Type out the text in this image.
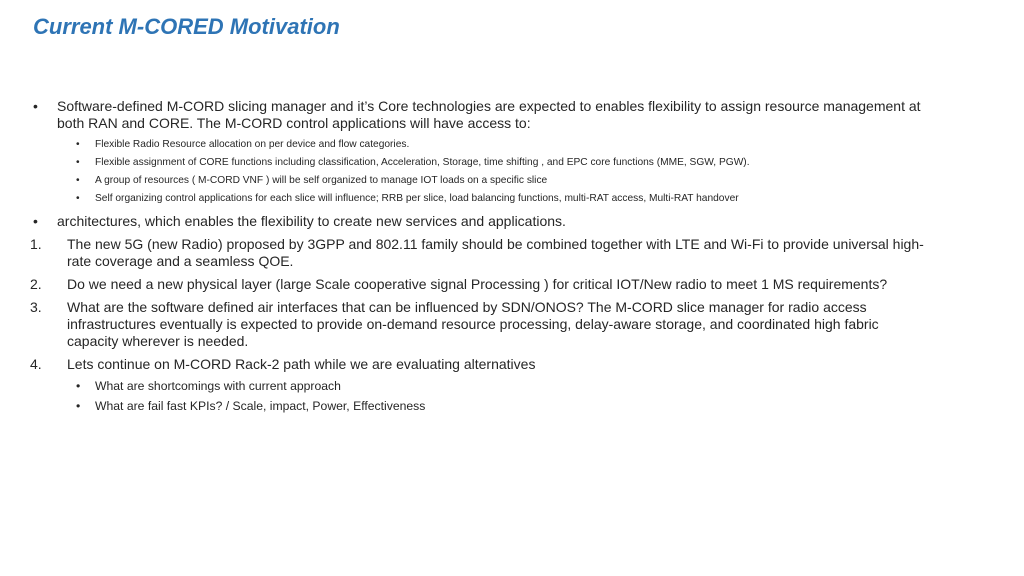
Current M-CORED Motivation
• Software-defined M-CORD slicing manager and it’s Core technologies are expected to enables flexibility to assign resource management at both RAN and CORE. The M-CORD control applications will have access to:
• Flexible Radio Resource allocation on per device and flow categories.
• Flexible assignment of CORE functions including classification, Acceleration, Storage, time shifting , and EPC core functions (MME, SGW, PGW).
• A group of resources ( M-CORD VNF ) will be self organized to manage IOT loads on a specific slice
• Self organizing control applications for each slice will influence; RRB per slice, load balancing functions, multi-RAT access, Multi-RAT handover
• architectures, which enables the flexibility to create new services and applications.
1. The new 5G (new Radio) proposed by 3GPP and 802.11 family should be combined together with LTE and Wi-Fi to provide universal high-rate coverage and a seamless QOE.
2. Do we need a new physical layer (large Scale cooperative signal Processing ) for critical IOT/New radio to meet 1 MS requirements?
3. What are the software defined air interfaces that can be influenced by SDN/ONOS? The M-CORD slice manager for radio access infrastructures eventually is expected to provide on-demand resource processing, delay-aware storage, and coordinated high fabric capacity wherever is needed.
4. Lets continue on M-CORD Rack-2 path while we are evaluating alternatives
• What are shortcomings with current approach
• What are fail fast KPIs? / Scale, impact, Power, Effectiveness
